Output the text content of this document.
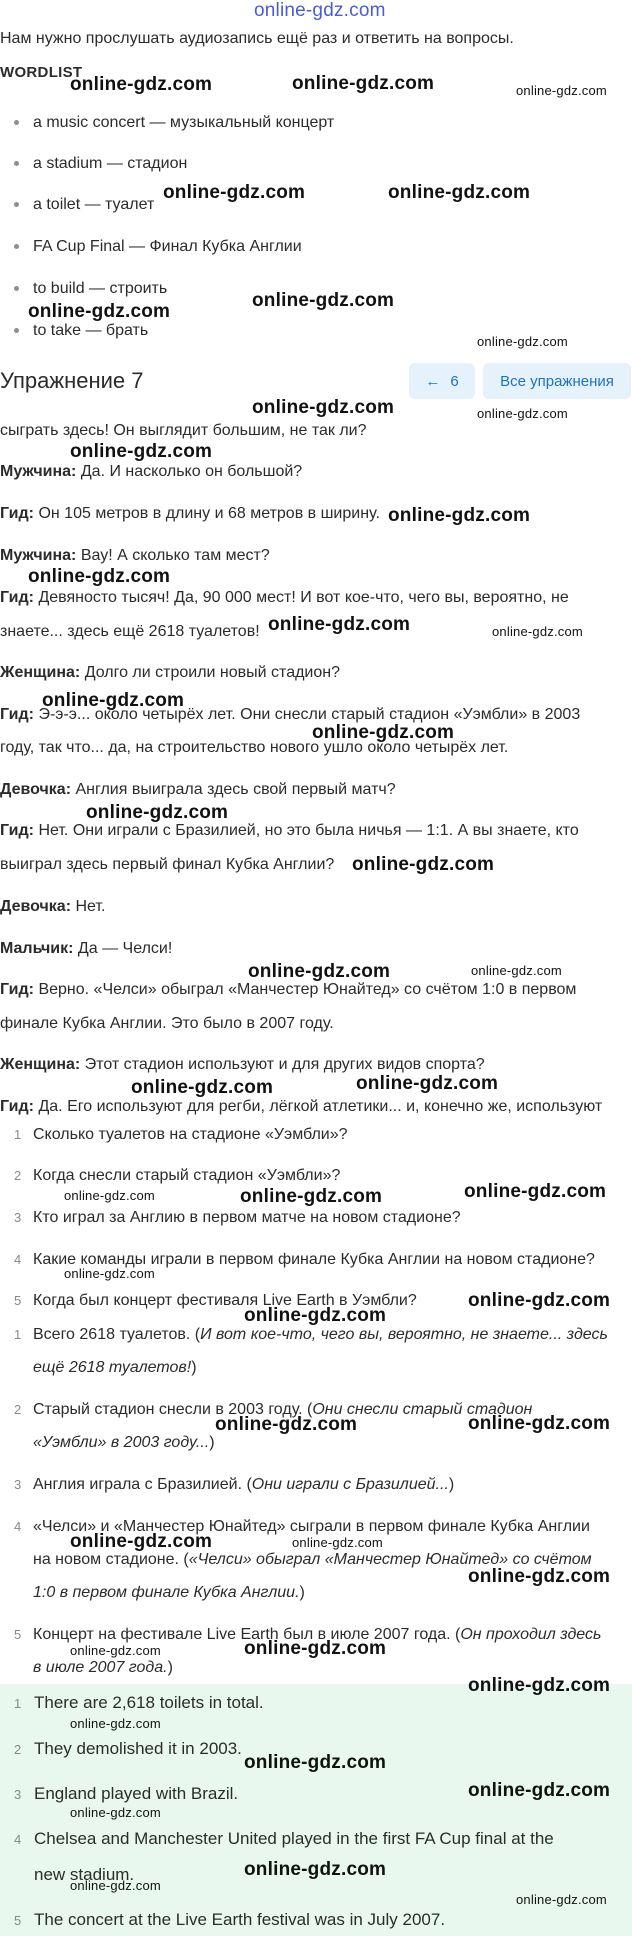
online-gdz.com
Нам нужно прослушать аудиозапись ещё раз и ответить на вопросы.
WORDLIST
a music concert — музыкальный концерт
a stadium — стадион
a toilet — туалет
FA Cup Final — Финал Кубка Англии
to build — строить
to take — брать
Упражнение 7	← 6	Все упражнения
сыграть здесь! Он выглядит большим, не так ли?
Мужчина: Да. И насколько он большой?
Гид: Он 105 метров в длину и 68 метров в ширину.
Мужчина: Вау! А сколько там мест?
Гид: Девяносто тысяч! Да, 90 000 мест! И вот кое-что, чего вы, вероятно, не
знаете... здесь ещё 2618 туалетов!
Женщина: Долго ли строили новый стадион?
Гид: Э-э-э... около четырёх лет. Они снесли старый стадион «Уэмбли» в 2003
году, так что... да, на строительство нового ушло около четырёх лет.
Девочка: Англия выиграла здесь свой первый матч?
Гид: Нет. Они играли с Бразилией, но это была ничья — 1:1. А вы знаете, кто
выиграл здесь первый финал Кубка Англии?
Девочка: Нет.
Мальчик: Да — Челси!
Гид: Верно. «Челси» обыграл «Манчестер Юнайтед» со счётом 1:0 в первом
финале Кубка Англии. Это было в 2007 году.
Женщина: Этот стадион используют и для других видов спорта?
Гид: Да. Его используют для регби, лёгкой атлетики... и, конечно же, используют
1 Сколько туалетов на стадионе «Уэмбли»?
2 Когда снесли старый стадион «Уэмбли»?
3 Кто играл за Англию в первом матче на новом стадионе?
4 Какие команды играли в первом финале Кубка Англии на новом стадионе?
5 Когда был концерт фестиваля Live Earth в Уэмбли?
1 Всего 2618 туалетов. (И вот кое-что, чего вы, вероятно, не знаете... здесь
ещё 2618 туалетов!)
2 Старый стадион снесли в 2003 году. (Они снесли старый стадион
«Уэмбли» в 2003 году...)
3 Англия играла с Бразилией. (Они играли с Бразилией...)
4 «Челси» и «Манчестер Юнайтед» сыграли в первом финале Кубка Англии
на новом стадионе. («Челси» обыграл «Манчестер Юнайтед» со счётом
1:0 в первом финале Кубка Англии.)
5 Концерт на фестивале Live Earth был в июле 2007 года. (Он проходил здесь
в июле 2007 года.)
1 There are 2,618 toilets in total.
2 They demolished it in 2003.
3 England played with Brazil.
4 Chelsea and Manchester United played in the first FA Cup final at the
new stadium.
5 The concert at the Live Earth festival was in July 2007.
online-gdz.com	online-gdz.com	online-gdz.com
online-gdz.com	online-gdz.com
online-gdz.com
online-gdz.com
online-gdz.com
online-gdz.com	online-gdz.com
online-gdz.com
online-gdz.com
online-gdz.com
online-gdz.com	online-gdz.com
online-gdz.com
online-gdz.com
online-gdz.com
online-gdz.com
online-gdz.com	online-gdz.com
online-gdz.com	online-gdz.com
online-gdz.com	online-gdz.com	online-gdz.com
online-gdz.com
online-gdz.com
online-gdz.com
online-gdz.com	online-gdz.com
online-gdz.com	online-gdz.com
online-gdz.com
online-gdz.com	online-gdz.com
online-gdz.com
online-gdz.com
online-gdz.com
online-gdz.com
online-gdz.com
online-gdz.com
online-gdz.com
online-gdz.com
